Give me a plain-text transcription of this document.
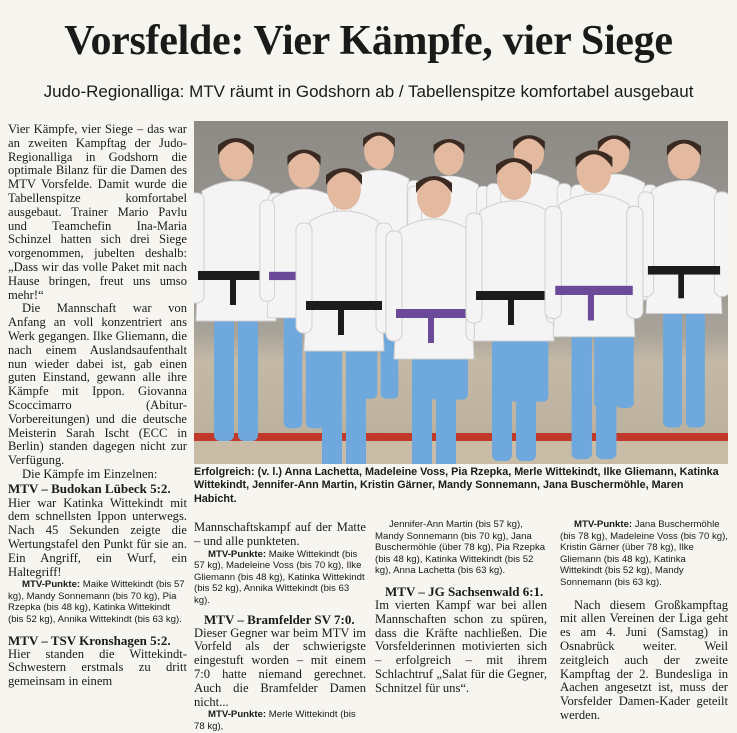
Vorsfelde: Vier Kämpfe, vier Siege
Judo-Regionalliga: MTV räumt in Godshorn ab / Tabellenspitze komfortabel ausgebaut

Vier Kämpfe, vier Siege – das war an zweiten Kampftag der Judo-Regionalliga in Godshorn die optimale Bilanz für die Damen des MTV Vorsfelde. Damit wurde die Tabellenspitze komfortabel ausgebaut. Trainer Mario Pavlu und Teamchefin Ina-Maria Schinzel hatten sich drei Siege vorgenommen, jubelten deshalb: „Dass wir das volle Paket mit nach Hause bringen, freut uns umso mehr!“

Die Mannschaft war von Anfang an voll konzentriert ans Werk gegangen. Ilke Gliemann, die nach einem Auslandsaufenthalt nun wieder dabei ist, gab einen guten Einstand, gewann alle ihre Kämpfe mit Ippon. Giovanna Scoccimarro (Abitur-Vorbereitungen) und die deutsche Meisterin Sarah Ischt (ECC in Berlin) standen dagegen nicht zur Verfügung.

Die Kämpfe im Einzelnen:

MTV – Budokan Lübeck 5:2.

Hier war Katinka Wittekindt mit dem schnellsten Ippon unterwegs. Nach 45 Sekunden zeigte die Wertungstafel den Punkt für sie an. Ein Angriff, ein Wurf, ein Haltegriff!

MTV-Punkte: Maike Wittekindt (bis 57 kg), Mandy Sonnemann (bis 70 kg), Pia Rzepka (bis 48 kg), Katinka Wittekindt (bis 52 kg), Annika Wittekindt (bis 63 kg).

MTV – TSV Kronshagen 5:2.

Hier standen die Wittekindt-Schwestern erstmals zu dritt gemeinsam in einem

Erfolgreich: (v. l.) Anna Lachetta, Madeleine Voss, Pia Rzepka, Merle Wittekindt, Ilke Gliemann, Katinka Wittekindt, Jennifer-Ann Martin, Kristin Gärner, Mandy Sonnemann, Jana Buschermöhle, Maren Habicht.

Mannschaftskampf auf der Matte – und alle punkteten.

MTV-Punkte: Maike Wittekindt (bis 57 kg), Madeleine Voss (bis 70 kg), Ilke Gliemann (bis 48 kg), Katinka Wittekindt (bis 52 kg), Annika Wittekindt (bis 63 kg).

MTV – Bramfelder SV 7:0.

Dieser Gegner war beim MTV im Vorfeld als der schwierigste eingestuft worden – mit einem 7:0 hatte niemand gerechnet. Auch die Bramfelder Damen nicht...

MTV-Punkte: Merle Wittekindt (bis 78 kg),

Jennifer-Ann Martin (bis 57 kg), Mandy Sonnemann (bis 70 kg), Jana Buschermöhle (über 78 kg), Pia Rzepka (bis 48 kg), Katinka Wittekindt (bis 52 kg), Anna Lachetta (bis 63 kg).

MTV – JG Sachsenwald 6:1.

Im vierten Kampf war bei allen Mannschaften schon zu spüren, dass die Kräfte nachließen. Die Vorsfelderinnen motivierten sich – erfolgreich – mit ihrem Schlachtruf „Salat für die Gegner, Schnitzel für uns“.

MTV-Punkte: Jana Buschermöhle (bis 78 kg), Madeleine Voss (bis 70 kg), Kristin Gärner (über 78 kg), Ilke Gliemann (bis 48 kg), Katinka Wittekindt (bis 52 kg), Mandy Sonnemann (bis 63 kg).

Nach diesem Großkampftag mit allen Vereinen der Liga geht es am 4. Juni (Samstag) in Osnabrück weiter. Weil zeitgleich auch der zweite Kampftag der 2. Bundesliga in Aachen angesetzt ist, muss der Vorsfelder Damen-Kader geteilt werden.
